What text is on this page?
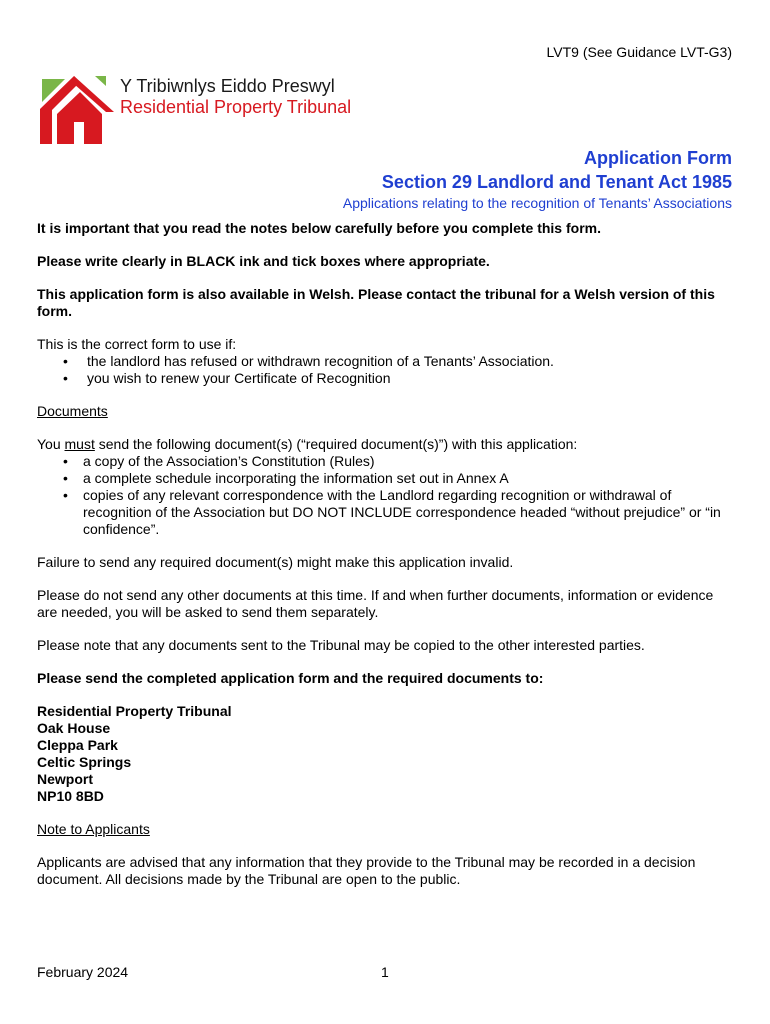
LVT9 (See Guidance LVT-G3)
Y Tribiwnlys Eiddo Preswyl
Residential Property Tribunal
Application Form
Section 29 Landlord and Tenant Act 1985
Applications relating to the recognition of Tenants’ Associations

It is important that you read the notes below carefully before you complete this form.

Please write clearly in BLACK ink and tick boxes where appropriate.

This application form is also available in Welsh. Please contact the tribunal for a Welsh version of this form.

This is the correct form to use if:
• the landlord has refused or withdrawn recognition of a Tenants’ Association.
• you wish to renew your Certificate of Recognition

Documents

You must send the following document(s) (“required document(s)”) with this application:
• a copy of the Association’s Constitution (Rules)
• a complete schedule incorporating the information set out in Annex A
• copies of any relevant correspondence with the Landlord regarding recognition or withdrawal of recognition of the Association but DO NOT INCLUDE correspondence headed “without prejudice” or “in confidence”.

Failure to send any required document(s) might make this application invalid.

Please do not send any other documents at this time. If and when further documents, information or evidence are needed, you will be asked to send them separately.

Please note that any documents sent to the Tribunal may be copied to the other interested parties.

Please send the completed application form and the required documents to:

Residential Property Tribunal
Oak House
Cleppa Park
Celtic Springs
Newport
NP10 8BD

Note to Applicants

Applicants are advised that any information that they provide to the Tribunal may be recorded in a decision document. All decisions made by the Tribunal are open to the public.

February 2024	1
